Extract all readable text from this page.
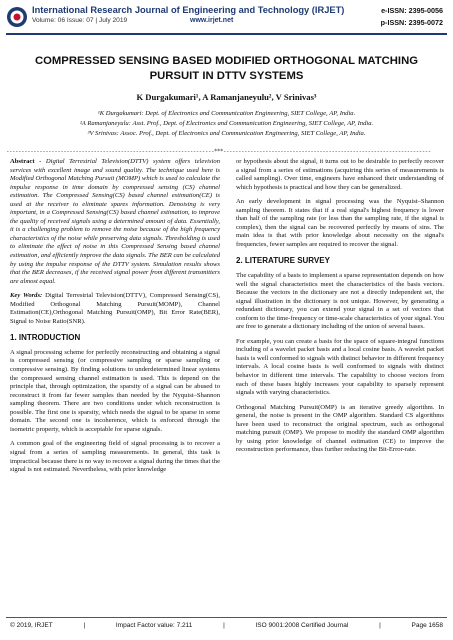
International Research Journal of Engineering and Technology (IRJET)
Volume: 06 Issue: 07 | July 2019	www.irjet.net
e-ISSN: 2395-0056
p-ISSN: 2395-0072
COMPRESSED SENSING BASED MODIFIED ORTHOGONAL MATCHING PURSUIT IN DTTV SYSTEMS
K Durgakumari¹, A Ramanjaneyulu², V Srinivas³
¹K Durgakumari: Dept. of Electronics and Communication Engineering, SIET College, AP, India.
²A Ramanjaneyulu: Asst. Prof., Dept. of Electronics and Communication Engineering, SIET College, AP, India.
³V Srinivas: Assoc. Prof., Dept. of Electronics and Communication Engineering, SIET College, AP, India.
---------------------------------------------------------------------***---------------------------------------------------------------------

Abstract - Digital Terrestrial Television(DTTV) system offers television services with excellent image and sound quality. The technique used here is Modified Orthogonal Matching Pursuit (MOMP) which is used to calculate the impulse response in time domain by compressed sensing (CS) channel estimation. The Compressed Sensing(CS) based channel estimation(CE) is used at the receiver to eliminate spares information. Denoising is very important, in a Compressed Sensing(CS) based channel estimation, to improve the quality of received signals using a determined amount of data. Essentially, it is a challenging problem to remove the noise because of the high frequency characteristics of the noise while preserving data signals. Thresholding is used to eliminate the effect of noise in this Compressed Sensing based channel estimation, and efficiently improve the data signals. The BER can be calculated by using the impulse response of the DTTV system. Simulation results shows that the BER decreases, if the received signal power from different transmitters are almost equal.

Key Words: Digital Terrestrial Television(DTTV), Compressed Sensing(CS), Modified Orthogonal Matching Pursuit(MOMP), Channel Estimation(CE),Orthogonal Matching Pursuit(OMP), Bit Error Rate(BER), Signal to Noise Ratio(SNR).

1. INTRODUCTION

A signal processing scheme for perfectly reconstructing and obtaining a signal is compressed sensing (or compressive sampling or sparse sampling or compressive sensing). By finding solutions to underdetermined linear systems the compressed sensing channel estimation is used. This is depend on the principle that, through optimization, the sparsity of a signal can be abused to reconstruct it from far fewer samples than needed by the Nyquist–Shannon sampling theorem. There are two conditions under which reconstruction is possible. The first one is sparsity, which needs the signal to be sparse in some domain. The second one is incoherence, which is enforced through the isometric property, which is acceptable for sparse signals.

A common goal of the engineering field of signal processing is to recover a signal from a series of sampling measurements. In general, this task is impractical because there is no way to recover a signal during the times that the signal is not estimated. Nevertheless, with prior knowledge

or hypothesis about the signal, it turns out to be desirable to perfectly recover a signal from a series of estimations (acquiring this series of measurements is called sampling). Over time, engineers have enhanced their understanding of which hypothesis is practical and how they can be generalized.

An early development in signal processing was the Nyquist–Shannon sampling theorem. It states that if a real signal's highest frequency is lower than half of the sampling rate (or less than the sampling rate, if the signal is complex), then the signal can be recovered perfectly by means of sins. The main idea is that with prior knowledge about necessity on the signal's frequencies, fewer samples are required to recover the signal.

2. LITERATURE SURVEY

The capability of a basis to implement a sparse representation depends on how well the signal characteristics meet the characteristics of the basis vectors. Because the vectors in the dictionary are not a directly independent set, the signal illustration in the dictionary is not unique. However, by generating a redundant dictionary, you can extend your signal in a set of vectors that conform to the time-frequency or time-scale characteristics of your signal. You are free to generate a dictionary including of the union of several bases.

For example, you can create a basis for the space of square-integral functions including of a wavelet packet basis and a local cosine basis. A wavelet packet basis is well conformed to signals with distinct behavior in different frequency intervals. A local cosine basis is well conformed to signals with distinct behavior in different time intervals. The capability to choose vectors from each of these bases highly increases your capability to sparsely represent signals with varying characteristics.

Orthogonal Matching Pursuit(OMP) is an iterative greedy algorithm. In general, the noise is present in the OMP algorithm. Standard CS algorithms have been used to reconstruct the original spectrum, such as orthogonal matching pursuit (OMP). We propose to modify the standard OMP algorithm by using prior knowledge of channel estimation (CE) to improve the reconstruction performance, thus further reducing the Bit-Error-rate.

© 2019, IRJET	|	Impact Factor value: 7.211	|	ISO 9001:2008 Certified Journal	|	Page 1658
